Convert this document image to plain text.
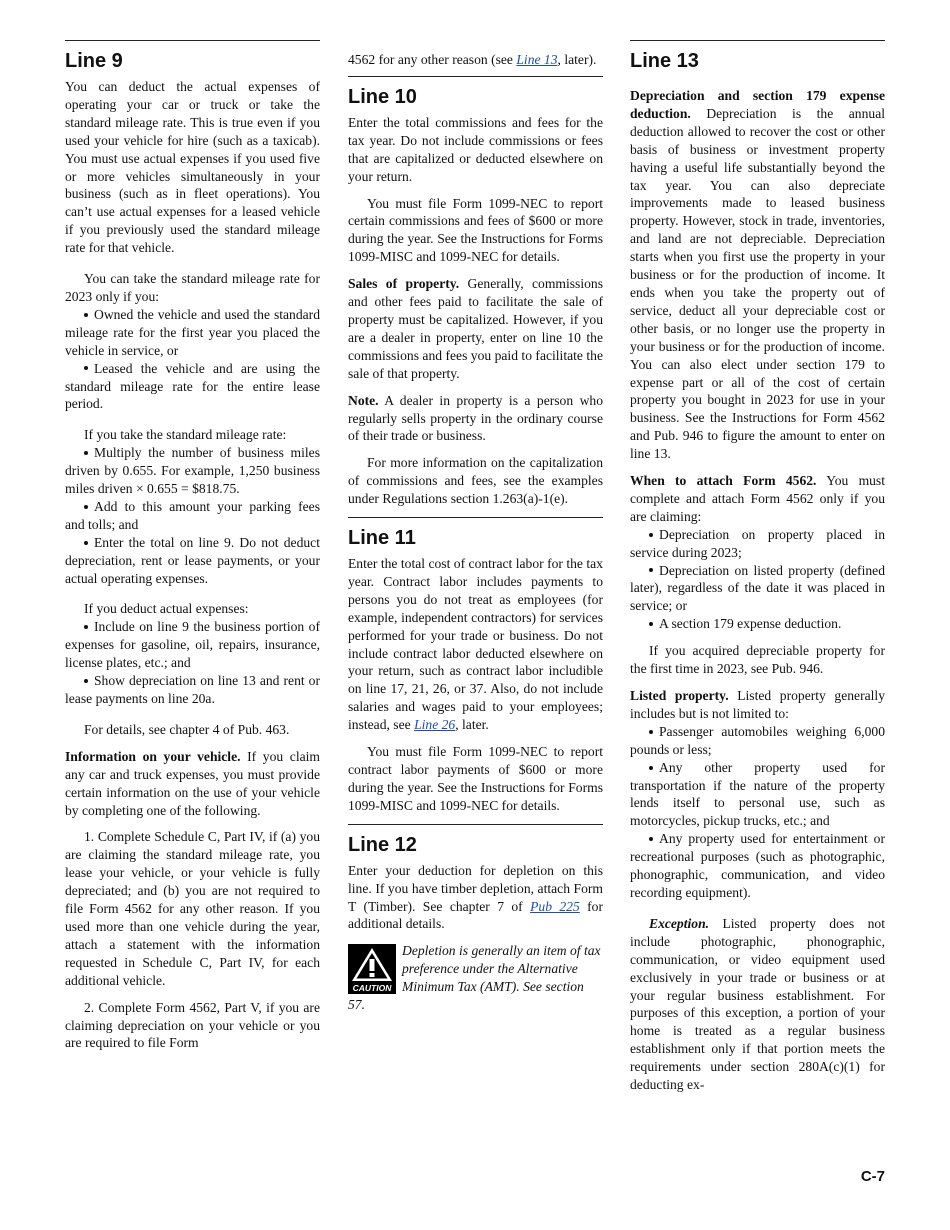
Line 9

You can deduct the actual expenses of operating your car or truck or take the standard mileage rate. This is true even if you used your vehicle for hire (such as a taxicab). You must use actual expenses if you used five or more vehicles simultaneously in your business (such as in fleet operations). You can’t use actual expenses for a leased vehicle if you previously used the standard mileage rate for that vehicle.

You can take the standard mileage rate for 2023 only if you:

Owned the vehicle and used the standard mileage rate for the first year you placed the vehicle in service, or

Leased the vehicle and are using the standard mileage rate for the entire lease period.

If you take the standard mileage rate:

Multiply the number of business miles driven by 0.655. For example, 1,250 business miles driven × 0.655 = $818.75.

Add to this amount your parking fees and tolls; and

Enter the total on line 9. Do not deduct depreciation, rent or lease payments, or your actual operating expenses.

If you deduct actual expenses:

Include on line 9 the business portion of expenses for gasoline, oil, repairs, insurance, license plates, etc.; and

Show depreciation on line 13 and rent or lease payments on line 20a.

For details, see chapter 4 of Pub. 463.

Information on your vehicle. If you claim any car and truck expenses, you must provide certain information on the use of your vehicle by completing one of the following.

1. Complete Schedule C, Part IV, if (a) you are claiming the standard mileage rate, you lease your vehicle, or your vehicle is fully depreciated; and (b) you are not required to file Form 4562 for any other reason. If you used more than one vehicle during the year, attach a statement with the information requested in Schedule C, Part IV, for each additional vehicle.

2. Complete Form 4562, Part V, if you are claiming depreciation on your vehicle or you are required to file Form

4562 for any other reason (see Line 13, later).

Line 10

Enter the total commissions and fees for the tax year. Do not include commissions or fees that are capitalized or deducted elsewhere on your return.

You must file Form 1099-NEC to report certain commissions and fees of $600 or more during the year. See the Instructions for Forms 1099-MISC and 1099-NEC for details.

Sales of property. Generally, commissions and other fees paid to facilitate the sale of property must be capitalized. However, if you are a dealer in property, enter on line 10 the commissions and fees you paid to facilitate the sale of that property.

Note. A dealer in property is a person who regularly sells property in the ordinary course of their trade or business.

For more information on the capitalization of commissions and fees, see the examples under Regulations section 1.263(a)-1(e).

Line 11

Enter the total cost of contract labor for the tax year. Contract labor includes payments to persons you do not treat as employees (for example, independent contractors) for services performed for your trade or business. Do not include contract labor deducted elsewhere on your return, such as contract labor includible on line 17, 21, 26, or 37. Also, do not include salaries and wages paid to your employees; instead, see Line 26, later.

You must file Form 1099-NEC to report contract labor payments of $600 or more during the year. See the Instructions for Forms 1099-MISC and 1099-NEC for details.

Line 12

Enter your deduction for depletion on this line. If you have timber depletion, attach Form T (Timber). See chapter 7 of Pub 225 for additional details.

CAUTION
Depletion is generally an item of tax preference under the Alternative Minimum Tax (AMT). See section 57.
Line 13

Depreciation and section 179 expense deduction. Depreciation is the annual deduction allowed to recover the cost or other basis of business or investment property having a useful life substantially beyond the tax year. You can also depreciate improvements made to leased business property. However, stock in trade, inventories, and land are not depreciable. Depreciation starts when you first use the property in your business or for the production of income. It ends when you take the property out of service, deduct all your depreciable cost or other basis, or no longer use the property in your business or for the production of income. You can also elect under section 179 to expense part or all of the cost of certain property you bought in 2023 for use in your business. See the Instructions for Form 4562 and Pub. 946 to figure the amount to enter on line 13.

When to attach Form 4562. You must complete and attach Form 4562 only if you are claiming:

Depreciation on property placed in service during 2023;

Depreciation on listed property (defined later), regardless of the date it was placed in service; or

A section 179 expense deduction.

If you acquired depreciable property for the first time in 2023, see Pub. 946.

Listed property. Listed property generally includes but is not limited to:

Passenger automobiles weighing 6,000 pounds or less;

Any other property used for transportation if the nature of the property lends itself to personal use, such as motorcycles, pickup trucks, etc.; and

Any property used for entertainment or recreational purposes (such as photographic, phonographic, communication, and video recording equipment).

Exception. Listed property does not include photographic, phonographic, communication, or video equipment used exclusively in your trade or business or at your regular business establishment. For purposes of this exception, a portion of your home is treated as a regular business establishment only if that portion meets the requirements under section 280A(c)(1) for deducting ex-

C-7
